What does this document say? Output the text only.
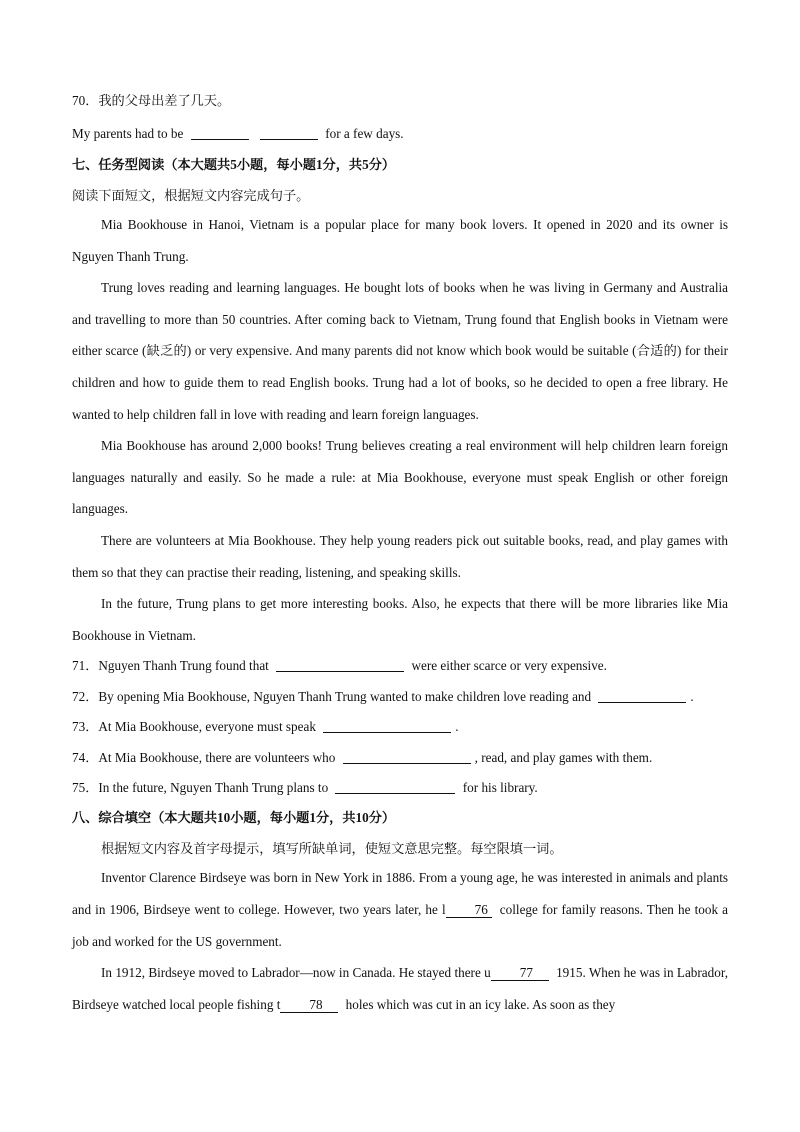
70．我的父母出差了几天。
My parents had to be	for a few days.
七、任务型阅读（本大题共5小题，每小题1分，共5分）
阅读下面短文，根据短文内容完成句子。

Mia Bookhouse in Hanoi, Vietnam is a popular place for many book lovers. It opened in 2020 and its owner is Nguyen Thanh Trung.

Trung loves reading and learning languages. He bought lots of books when he was living in Germany and Australia and travelling to more than 50 countries. After coming back to Vietnam, Trung found that English books in Vietnam were either scarce (缺乏的) or very expensive. And many parents did not know which book would be suitable (合适的) for their children and how to guide them to read English books. Trung had a lot of books, so he decided to open a free library. He wanted to help children fall in love with reading and learn foreign languages.

Mia Bookhouse has around 2,000 books! Trung believes creating a real environment will help children learn foreign languages naturally and easily. So he made a rule: at Mia Bookhouse, everyone must speak English or other foreign languages.

There are volunteers at Mia Bookhouse. They help young readers pick out suitable books, read, and play games with them so that they can practise their reading, listening, and speaking skills.

In the future, Trung plans to get more interesting books. Also, he expects that there will be more libraries like Mia Bookhouse in Vietnam.

71．Nguyen Thanh Trung found that	were either scarce or very expensive.
72．By opening Mia Bookhouse, Nguyen Thanh Trung wanted to make children love reading and	.
73．At Mia Bookhouse, everyone must speak	.
74．At Mia Bookhouse, there are volunteers who	, read, and play games with them.
75．In the future, Nguyen Thanh Trung plans to	for his library.
八、综合填空（本大题共10小题，每小题1分，共10分）
根据短文内容及首字母提示，填写所缺单词，使短文意思完整。每空限填一词。

Inventor Clarence Birdseye was born in New York in 1886. From a young age, he was interested in animals and plants and in 1906, Birdseye went to college. However, two years later, he l 76 college for family reasons. Then he took a job and worked for the US government.

In 1912, Birdseye moved to Labrador—now in Canada. He stayed there u 77 1915. When he was in Labrador, Birdseye watched local people fishing t 78 holes which was cut in an icy lake. As soon as they
